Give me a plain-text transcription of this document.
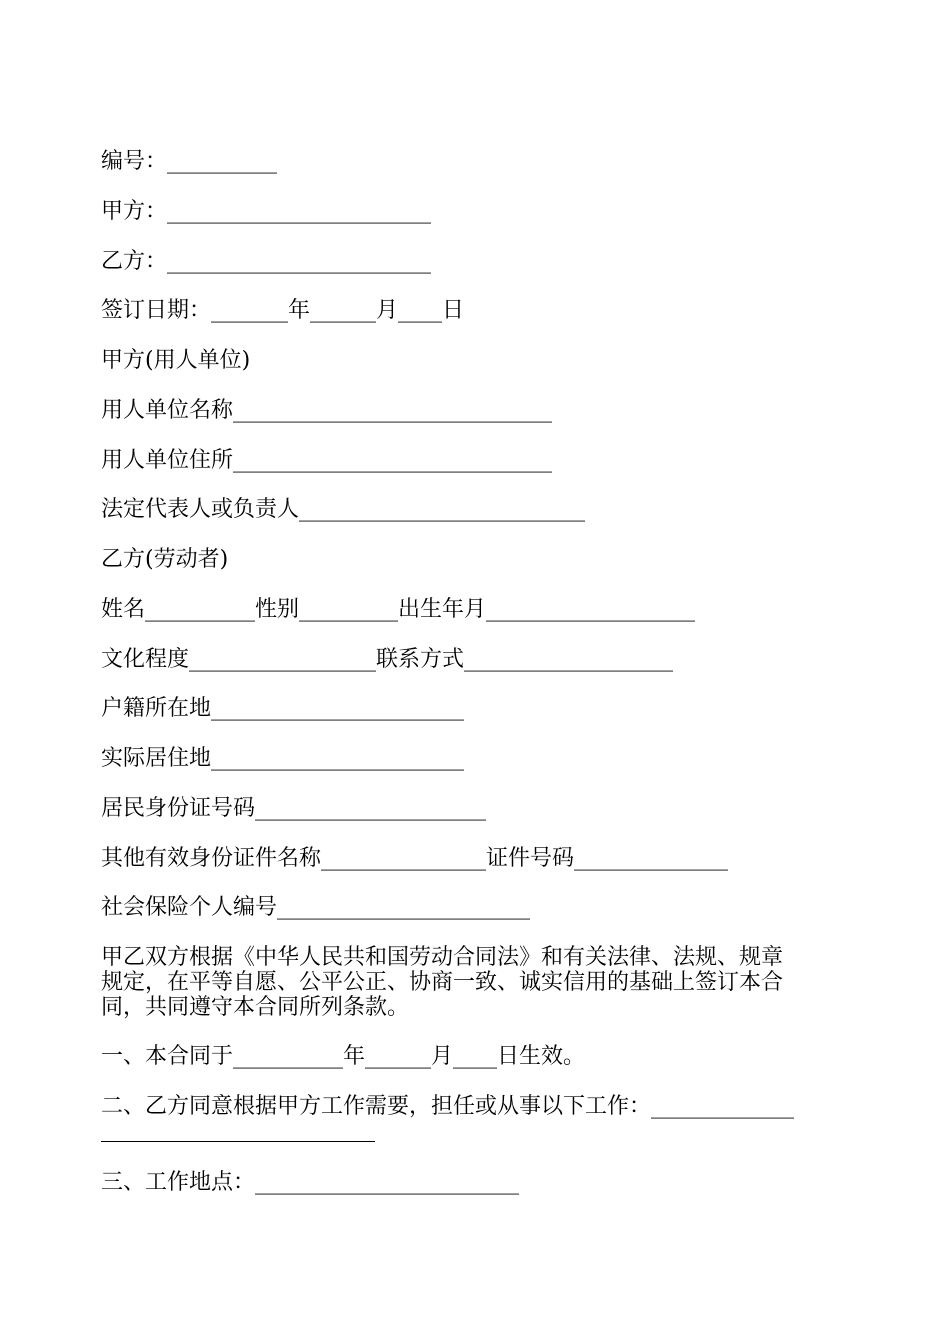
编号：__________
甲方：________________________
乙方：________________________
签订日期：_______年______月____日
甲方(用人单位)
用人单位名称_____________________________
用人单位住所_____________________________
法定代表人或负责人__________________________
乙方(劳动者)
姓名__________性别_________出生年月___________________
文化程度_________________联系方式___________________
户籍所在地_______________________
实际居住地_______________________
居民身份证号码_____________________
其他有效身份证件名称_______________证件号码______________
社会保险个人编号_______________________
甲乙双方根据《中华人民共和国劳动合同法》和有关法律、法规、规章
规定，在平等自愿、公平公正、协商一致、诚实信用的基础上签订本合
同，共同遵守本合同所列条款。
一、本合同于__________年______月____日生效。
二、乙方同意根据甲方工作需要，担任或从事以下工作：_____________
三、工作地点：________________________
